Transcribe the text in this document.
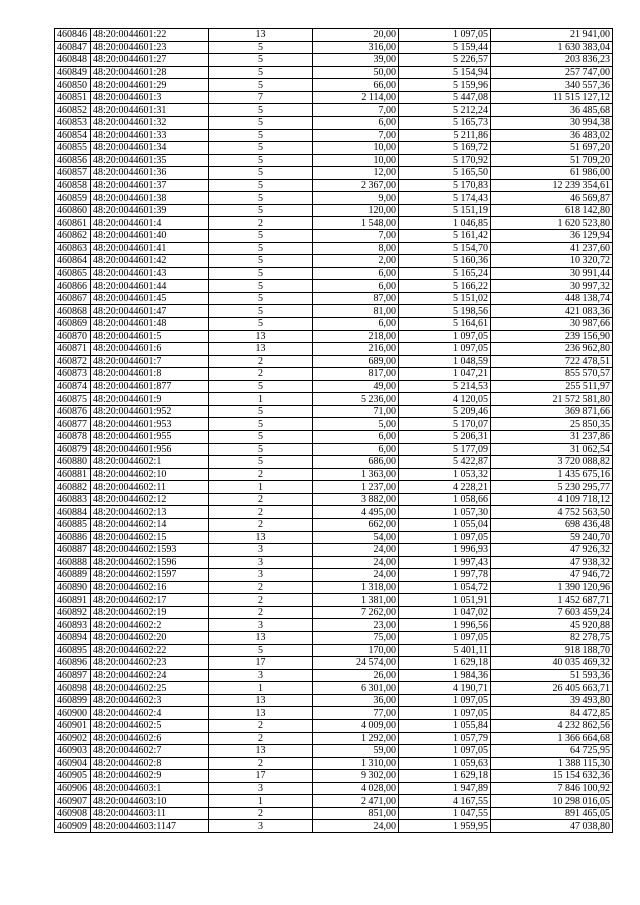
460846	48:20:0044601:22	13	20,00	1 097,05	21 941,00
460847	48:20:0044601:23	5	316,00	5 159,44	1 630 383,04
460848	48:20:0044601:27	5	39,00	5 226,57	203 836,23
460849	48:20:0044601:28	5	50,00	5 154,94	257 747,00
460850	48:20:0044601:29	5	66,00	5 159,96	340 557,36
460851	48:20:0044601:3	7	2 114,00	5 447,08	11 515 127,12
460852	48:20:0044601:31	5	7,00	5 212,24	36 485,68
460853	48:20:0044601:32	5	6,00	5 165,73	30 994,38
460854	48:20:0044601:33	5	7,00	5 211,86	36 483,02
460855	48:20:0044601:34	5	10,00	5 169,72	51 697,20
460856	48:20:0044601:35	5	10,00	5 170,92	51 709,20
460857	48:20:0044601:36	5	12,00	5 165,50	61 986,00
460858	48:20:0044601:37	5	2 367,00	5 170,83	12 239 354,61
460859	48:20:0044601:38	5	9,00	5 174,43	46 569,87
460860	48:20:0044601:39	5	120,00	5 151,19	618 142,80
460861	48:20:0044601:4	2	1 548,00	1 046,85	1 620 523,80
460862	48:20:0044601:40	5	7,00	5 161,42	36 129,94
460863	48:20:0044601:41	5	8,00	5 154,70	41 237,60
460864	48:20:0044601:42	5	2,00	5 160,36	10 320,72
460865	48:20:0044601:43	5	6,00	5 165,24	30 991,44
460866	48:20:0044601:44	5	6,00	5 166,22	30 997,32
460867	48:20:0044601:45	5	87,00	5 151,02	448 138,74
460868	48:20:0044601:47	5	81,00	5 198,56	421 083,36
460869	48:20:0044601:48	5	6,00	5 164,61	30 987,66
460870	48:20:0044601:5	13	218,00	1 097,05	239 156,90
460871	48:20:0044601:6	13	216,00	1 097,05	236 962,80
460872	48:20:0044601:7	2	689,00	1 048,59	722 478,51
460873	48:20:0044601:8	2	817,00	1 047,21	855 570,57
460874	48:20:0044601:877	5	49,00	5 214,53	255 511,97
460875	48:20:0044601:9	1	5 236,00	4 120,05	21 572 581,80
460876	48:20:0044601:952	5	71,00	5 209,46	369 871,66
460877	48:20:0044601:953	5	5,00	5 170,07	25 850,35
460878	48:20:0044601:955	5	6,00	5 206,31	31 237,86
460879	48:20:0044601:956	5	6,00	5 177,09	31 062,54
460880	48:20:0044602:1	5	686,00	5 422,87	3 720 088,82
460881	48:20:0044602:10	2	1 363,00	1 053,32	1 435 675,16
460882	48:20:0044602:11	1	1 237,00	4 228,21	5 230 295,77
460883	48:20:0044602:12	2	3 882,00	1 058,66	4 109 718,12
460884	48:20:0044602:13	2	4 495,00	1 057,30	4 752 563,50
460885	48:20:0044602:14	2	662,00	1 055,04	698 436,48
460886	48:20:0044602:15	13	54,00	1 097,05	59 240,70
460887	48:20:0044602:1593	3	24,00	1 996,93	47 926,32
460888	48:20:0044602:1596	3	24,00	1 997,43	47 938,32
460889	48:20:0044602:1597	3	24,00	1 997,78	47 946,72
460890	48:20:0044602:16	2	1 318,00	1 054,72	1 390 120,96
460891	48:20:0044602:17	2	1 381,00	1 051,91	1 452 687,71
460892	48:20:0044602:19	2	7 262,00	1 047,02	7 603 459,24
460893	48:20:0044602:2	3	23,00	1 996,56	45 920,88
460894	48:20:0044602:20	13	75,00	1 097,05	82 278,75
460895	48:20:0044602:22	5	170,00	5 401,11	918 188,70
460896	48:20:0044602:23	17	24 574,00	1 629,18	40 035 469,32
460897	48:20:0044602:24	3	26,00	1 984,36	51 593,36
460898	48:20:0044602:25	1	6 301,00	4 190,71	26 405 663,71
460899	48:20:0044602:3	13	36,00	1 097,05	39 493,80
460900	48:20:0044602:4	13	77,00	1 097,05	84 472,85
460901	48:20:0044602:5	2	4 009,00	1 055,84	4 232 862,56
460902	48:20:0044602:6	2	1 292,00	1 057,79	1 366 664,68
460903	48:20:0044602:7	13	59,00	1 097,05	64 725,95
460904	48:20:0044602:8	2	1 310,00	1 059,63	1 388 115,30
460905	48:20:0044602:9	17	9 302,00	1 629,18	15 154 632,36
460906	48:20:0044603:1	3	4 028,00	1 947,89	7 846 100,92
460907	48:20:0044603:10	1	2 471,00	4 167,55	10 298 016,05
460908	48:20:0044603:11	2	851,00	1 047,55	891 465,05
460909	48:20:0044603:1147	3	24,00	1 959,95	47 038,80
